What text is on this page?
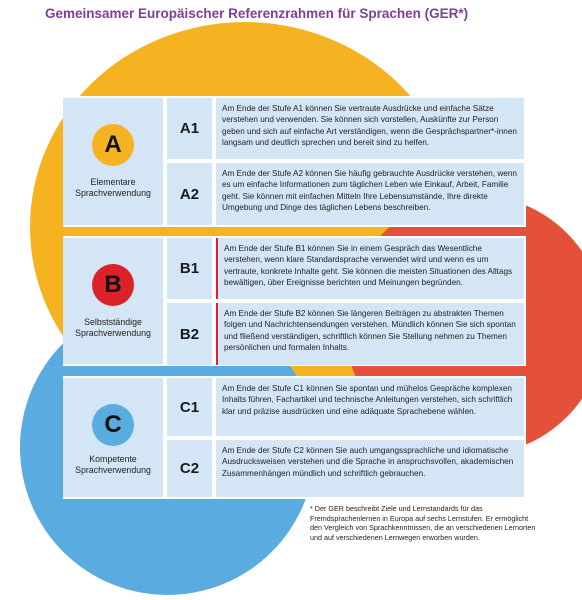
Gemeinsamer Europäischer Referenzrahmen für Sprachen (GER*)
A
Elementare
Sprachverwendung
A1
Am Ende der Stufe A1 können Sie vertraute Ausdrücke und einfache Sätze verstehen und verwenden. Sie können sich vorstellen, Auskünfte zur Person geben und sich auf einfache Art verständigen, wenn die Gesprächspartner*-innen langsam und deutlich sprechen und bereit sind zu helfen.
A2
Am Ende der Stufe A2 können Sie häufig gebrauchte Ausdrücke verstehen, wenn es um einfache Informationen zum täglichen Leben wie Einkauf, Arbeit, Familie geht. Sie können mit einfachen Mitteln Ihre Lebensumstände, Ihre direkte Umgebung und Dinge des täglichen Lebens beschreiben.
B
Selbstständige
Sprachverwendung
B1
Am Ende der Stufe B1 können Sie in einem Gespräch das Wesentliche verstehen, wenn klare Standardsprache verwendet wird und wenn es um vertraute, konkrete Inhalte geht. Sie können die meisten Situationen des Alltags bewältigen, über Ereignisse berichten und Meinungen begründen.
B2
Am Ende der Stufe B2 können Sie längeren Beiträgen zu abstrakten Themen folgen und Nachrichtensendungen verstehen. Mündlich können Sie sich spontan und fließend verständigen, schriftlich können Sie Stellung nehmen zu Themen persönlichen und formalen Inhalts.
C
Kompetente
Sprachverwendung
C1
Am Ende der Stufe C1 können Sie spontan und mühelos Gespräche komplexen Inhalts führen, Fachartikel und technische Anleitungen verstehen, sich schriftlich klar und präzise ausdrücken und eine adäquate Sprachebene wählen.
C2
Am Ende der Stufe C2 können Sie auch umgangssprachliche und idiomatische Ausdrucksweisen verstehen und die Sprache in anspruchsvollen, akademischen Zusammenhängen mündlich und schriftlich gebrauchen.
* Der GER beschreibt Ziele und Lernstandards für das Fremdsprachenlernen in Europa auf sechs Lernstufen. Er ermöglicht den Vergleich von Sprachkenntnissen, die an verschiedenen Lernorten und auf verschiedenen Lernwegen erworben wurden.
